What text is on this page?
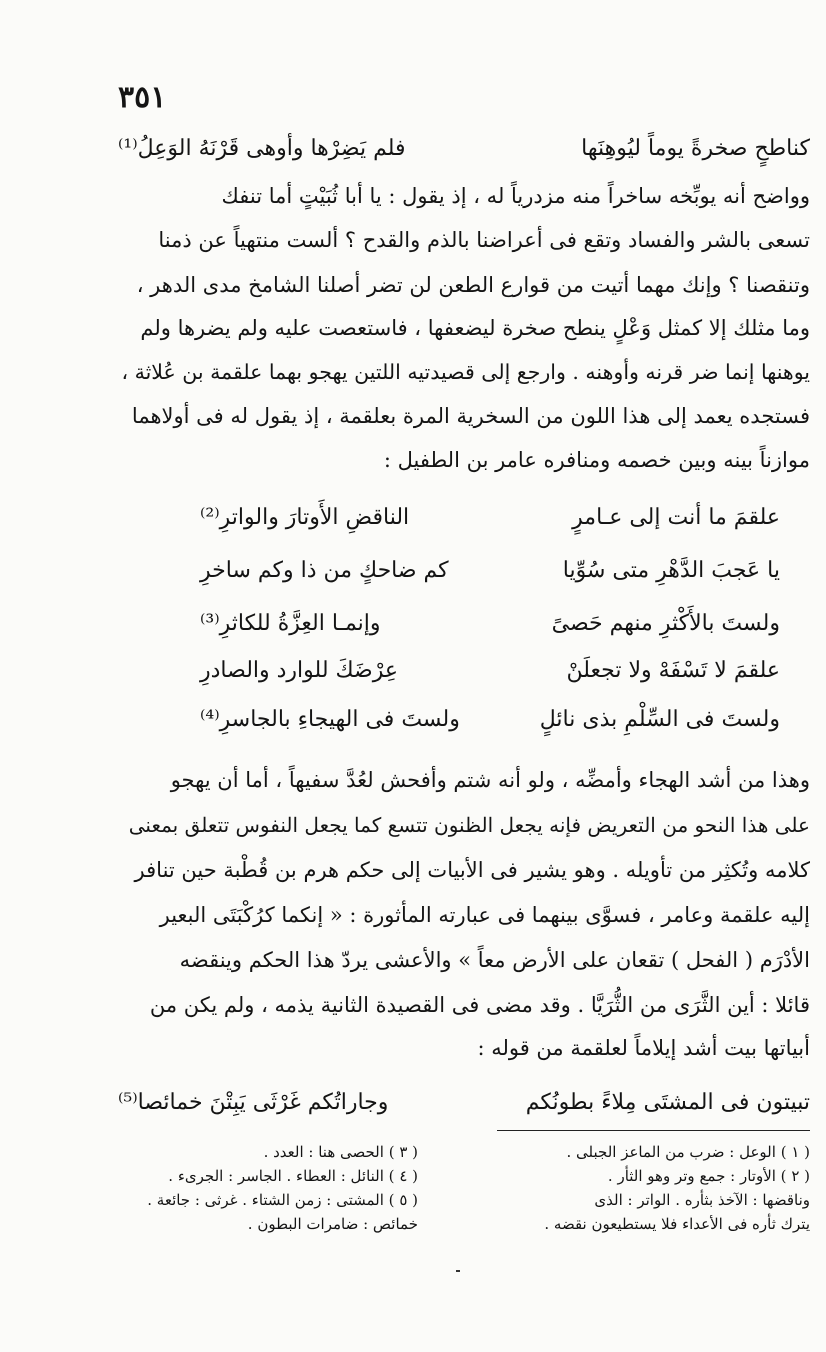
٣٥١
كناطحٍ صخرةً يوماً ليُوهِنَها
فلم يَضِرْها وأوهى قَرْنَهُ الوَعِلُ⁽¹⁾
وواضح أنه يوبِّخه ساخراً منه مزدرياً له ، إذ يقول : يا أبا ثُبَيْتٍ أما تنفك
تسعى بالشر والفساد وتقع فى أعراضنا بالذم والقدح ؟ ألست منتهياً عن ذمنا
وتنقصنا ؟ وإنك مهما أتيت من قوارع الطعن لن تضر أصلنا الشامخ مدى الدهر ،
وما مثلك إلا كمثل وَعْلٍ ينطح صخرة ليضعفها ، فاستعصت عليه ولم يضرها ولم
يوهنها إنما ضر قرنه وأوهنه . وارجع إلى قصيدتيه اللتين يهجو بهما علقمة بن عُلاثة ،
فستجده يعمد إلى هذا اللون من السخرية المرة بعلقمة ، إذ يقول له فى أولاهما
موازناً بينه وبين خصمه ومنافره عامر بن الطفيل :
علقمَ ما أنت إلى عـامرٍ
الناقضِ الأَوتارَ والواترِ⁽²⁾
يا عَجبَ الدَّهْرِ متى سُوِّيا
كم ضاحكٍ من ذا وكم ساخرِ
ولستَ بالأَكْثرِ منهم حَصىً
وإنمـا العِزَّةُ للكاثرِ⁽³⁾
علقمَ لا تَسْفَهْ ولا تجعلَنْ
عِرْضَكَ للوارد والصادرِ
ولستَ فى السِّلْمِ بذى نائلٍ
ولستَ فى الهيجاءِ بالجاسرِ⁽⁴⁾
وهذا من أشد الهجاء وأمضِّه ، ولو أنه شتم وأفحش لعُدَّ سفيهاً ، أما أن يهجو
على هذا النحو من التعريض فإنه يجعل الظنون تتسع كما يجعل النفوس تتعلق بمعنى
كلامه وتُكثِر من تأويله . وهو يشير فى الأبيات إلى حكم هرم بن قُطْبة حين تنافر
إليه علقمة وعامر ، فسوَّى بينهما فى عبارته المأثورة : « إنكما كرُكْبَتَى البعير
الأدْرَم ( الفحل ) تقعان على الأرض معاً » والأعشى يردّ هذا الحكم وينقضه
قائلا : أين الثَّرَى من الثُّرَيَّا . وقد مضى فى القصيدة الثانية يذمه ، ولم يكن من
أبياتها بيت أشد إيلاماً لعلقمة من قوله :
تبيتون فى المشتَى مِلاءً بطونُكم
وجاراتُكم غَرْثَى يَبِتْنَ خمائصا⁽⁵⁾
( ١ ) الوعل : ضرب من الماعز الجبلى .
( ٢ ) الأوتار : جمع وتر وهو الثأر .
وناقضها : الآخذ بثأره . الواتر : الذى
يترك ثأره فى الأعداء فلا يستطيعون نقضه .
( ٣ ) الحصى هنا : العدد .
( ٤ ) النائل : العطاء . الجاسر : الجرىء .
( ٥ ) المشتى : زمن الشتاء . غرثى : جائعة .
خمائص : ضامرات البطون .
